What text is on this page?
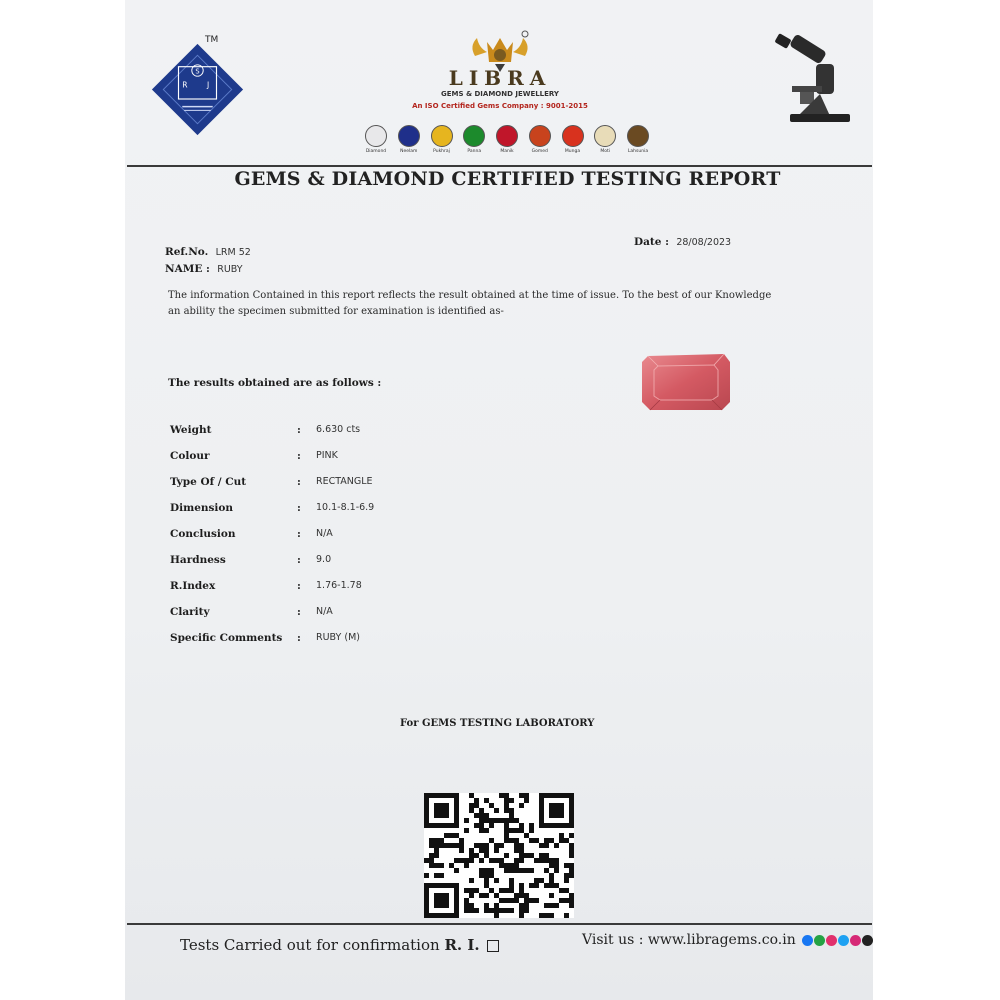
S
R J
TM
LIBRA
GEMS & DIAMOND JEWELLERY
An ISO Certified Gems Company : 9001-2015
Diamond	Neelam	Pukhraj	Panna	Manik	Gomed	Munga	Moti	Lahsunia
GEMS & DIAMOND CERTIFIED TESTING REPORT
Ref.No. LRM 52
NAME : RUBY
Date : 28/08/2023
The information Contained in this report reflects the result obtained at the time of issue. To the best of our Knowledge an ability the specimen submitted for examination is identified as-
The results obtained are as follows :
Weight	: 6.630 cts
Colour	: PINK
Type Of / Cut	: RECTANGLE
Dimension	: 10.1-8.1-6.9
Conclusion	: N/A
Hardness	: 9.0
R.Index	: 1.76-1.78
Clarity	: N/A
Specific Comments : RUBY (M)
For GEMS TESTING LABORATORY
Tests Carried out for confirmation R. I.	Visit us : www.libragems.co.in
